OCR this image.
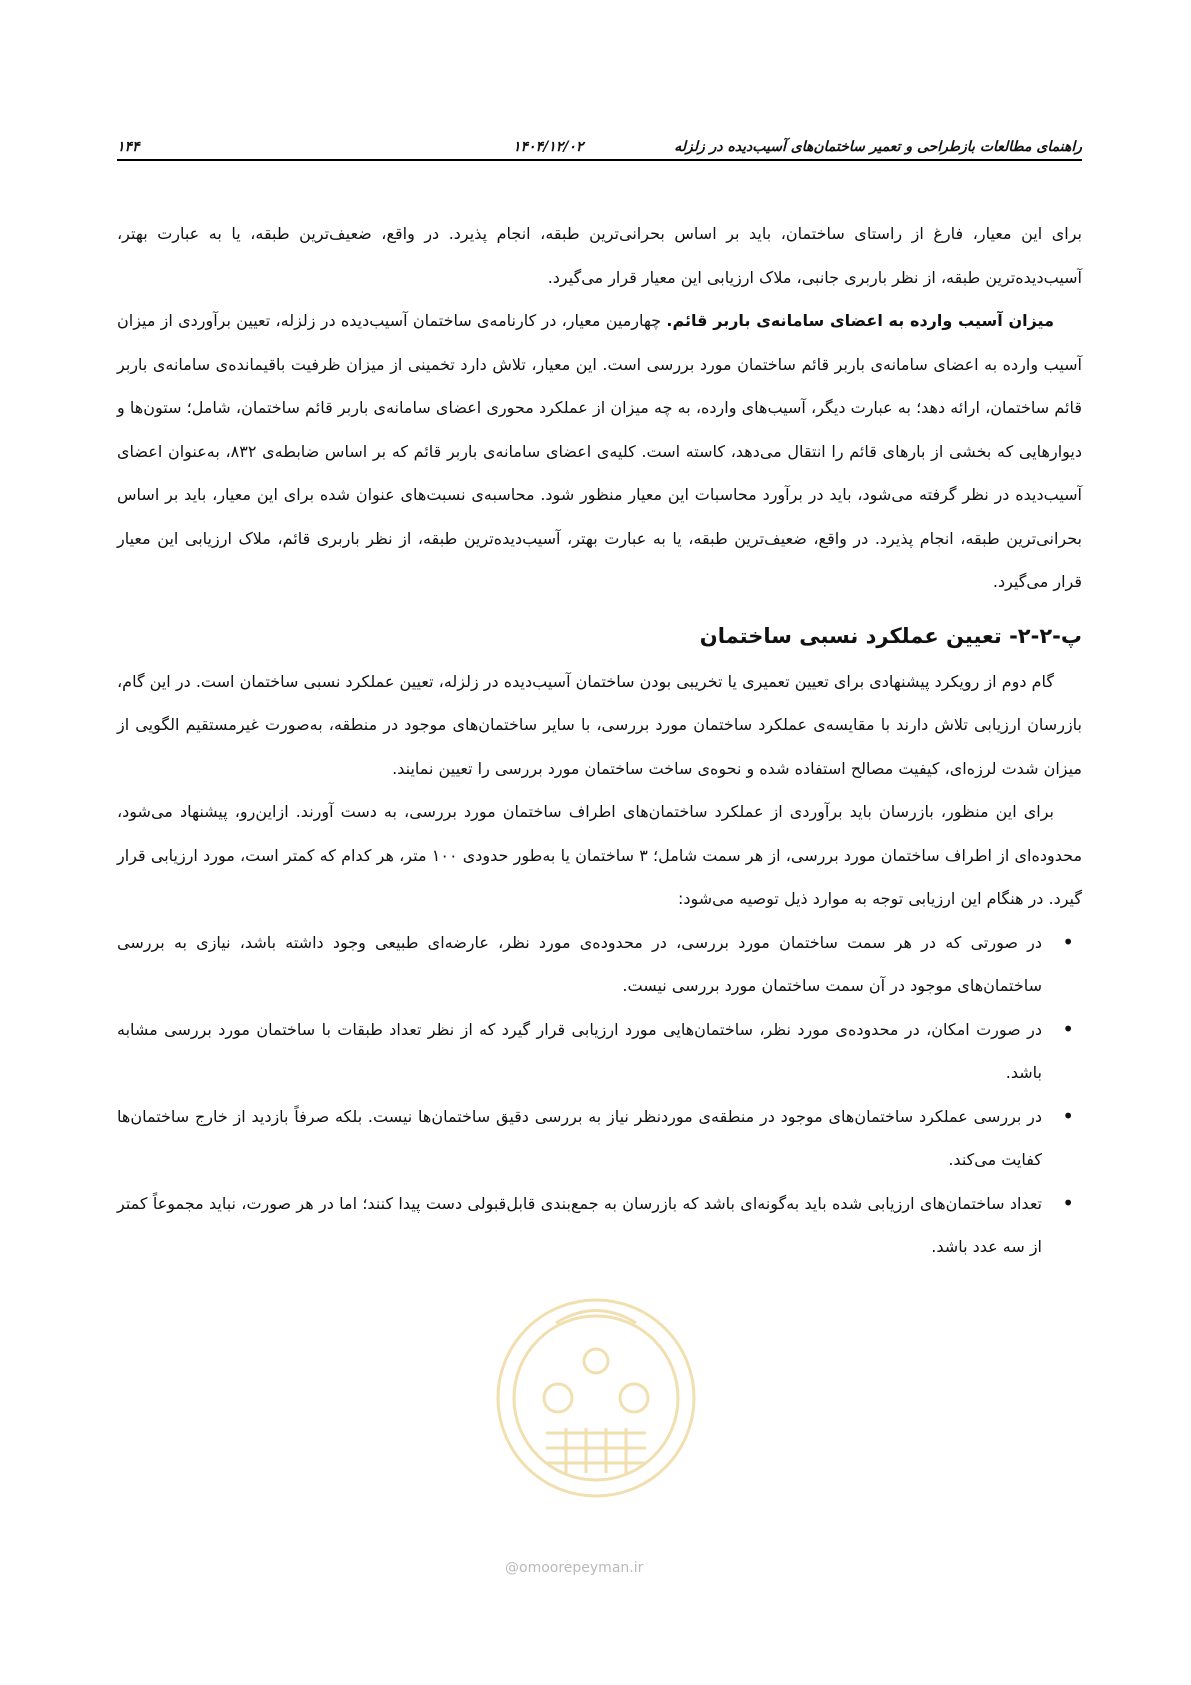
راهنمای مطالعات بازطراحی و تعمیر ساختمان‌های آسیب‌دیده در زلزله
۱۴۰۴/۱۲/۰۲
۱۴۴

برای این معیار، فارغ از راستای ساختمان، باید بر اساس بحرانی‌ترین طبقه، انجام پذیرد. در واقع، ضعیف‌ترین طبقه، یا به عبارت بهتر، آسیب‌دیده‌ترین طبقه، از نظر باربری جانبی، ملاک ارزیابی این معیار قرار می‌گیرد.

میزان آسیب وارده به اعضای سامانه‌ی باربر قائم. چهارمین معیار، در کارنامه‌ی ساختمان آسیب‌دیده در زلزله، تعیین برآوردی از میزان آسیب وارده به اعضای سامانه‌ی باربر قائم ساختمان مورد بررسی است. این معیار، تلاش دارد تخمینی از میزان ظرفیت باقیمانده‌ی سامانه‌ی باربر قائم ساختمان، ارائه دهد؛ به عبارت دیگر، آسیب‌های وارده، به چه میزان از عملکرد محوری اعضای سامانه‌ی باربر قائم ساختمان، شامل؛ ستون‌ها و دیوارهایی که بخشی از بارهای قائم را انتقال می‌دهد، کاسته است. کلیه‌ی اعضای سامانه‌ی باربر قائم که بر اساس ضابطه‌ی ۸۳۲، به‌عنوان اعضای آسیب‌دیده در نظر گرفته می‌شود، باید در برآورد محاسبات این معیار منظور شود. محاسبه‌ی نسبت‌های عنوان شده برای این معیار، باید بر اساس بحرانی‌ترین طبقه، انجام پذیرد. در واقع، ضعیف‌ترین طبقه، یا به عبارت بهتر، آسیب‌دیده‌ترین طبقه، از نظر باربری قائم، ملاک ارزیابی این معیار قرار می‌گیرد.

پ-۲-۲- تعیین عملکرد نسبی ساختمان

گام دوم از رویکرد پیشنهادی برای تعیین تعمیری یا تخریبی بودن ساختمان آسیب‌دیده در زلزله، تعیین عملکرد نسبی ساختمان است. در این گام، بازرسان ارزیابی تلاش دارند با مقایسه‌ی عملکرد ساختمان مورد بررسی، با سایر ساختمان‌های موجود در منطقه، به‌صورت غیرمستقیم الگویی از میزان شدت لرزه‌ای، کیفیت مصالح استفاده شده و نحوه‌ی ساخت ساختمان مورد بررسی را تعیین نمایند.

برای این منظور، بازرسان باید برآوردی از عملکرد ساختمان‌های اطراف ساختمان مورد بررسی، به دست آورند. ازاین‌رو، پیشنهاد می‌شود، محدوده‌ای از اطراف ساختمان مورد بررسی، از هر سمت شامل؛ ۳ ساختمان یا به‌طور حدودی ۱۰۰ متر، هر کدام که کمتر است، مورد ارزیابی قرار گیرد. در هنگام این ارزیابی توجه به موارد ذیل توصیه می‌شود:

• در صورتی که در هر سمت ساختمان مورد بررسی، در محدوده‌ی مورد نظر، عارضه‌ای طبیعی وجود داشته باشد، نیازی به بررسی ساختمان‌های موجود در آن سمت ساختمان مورد بررسی نیست.
• در صورت امکان، در محدوده‌ی مورد نظر، ساختمان‌هایی مورد ارزیابی قرار گیرد که از نظر تعداد طبقات با ساختمان مورد بررسی مشابه باشد.
• در بررسی عملکرد ساختمان‌های موجود در منطقه‌ی موردنظر نیاز به بررسی دقیق ساختمان‌ها نیست. بلکه صرفاً بازدید از خارج ساختمان‌ها کفایت می‌کند.
• تعداد ساختمان‌های ارزیابی شده باید به‌گونه‌ای باشد که بازرسان به جمع‌بندی قابل‌قبولی دست پیدا کنند؛ اما در هر صورت، نباید مجموعاً کمتر از سه عدد باشد.
@omoorepeyman.ir
